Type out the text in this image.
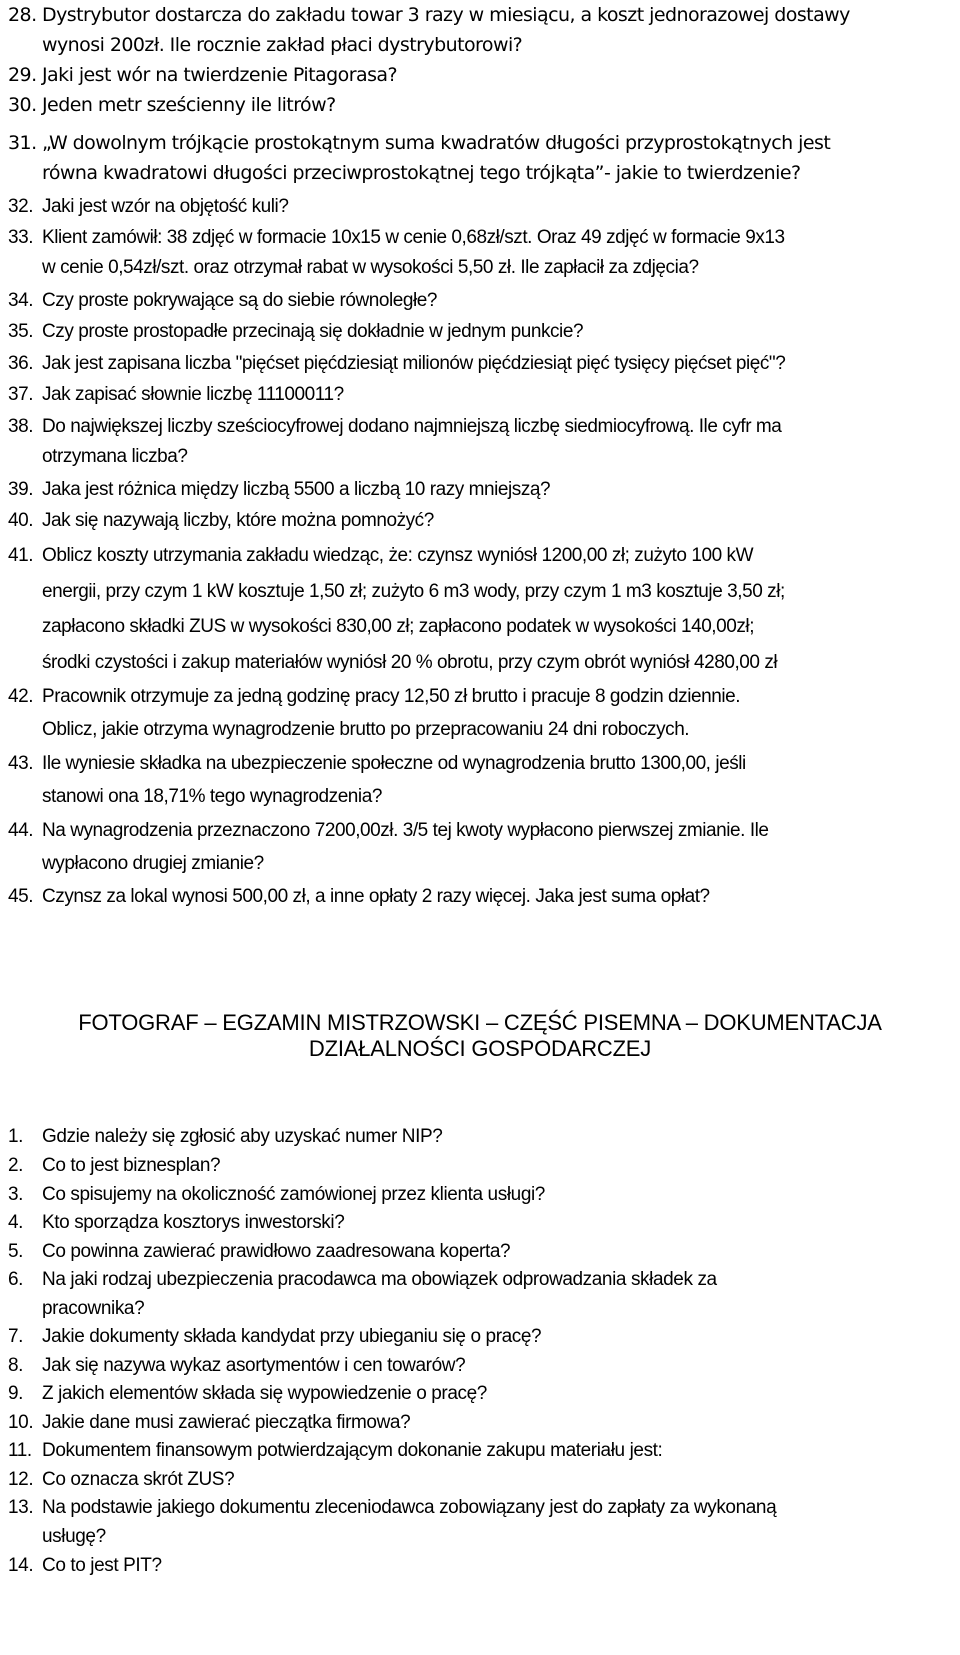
28. Dystrybutor dostarcza do zakładu towar 3 razy w miesiącu, a koszt jednorazowej dostawy
wynosi 200zł. Ile rocznie zakład płaci dystrybutorowi?
29. Jaki jest wór na twierdzenie Pitagorasa?
30. Jeden metr sześcienny ile litrów?
31. „W dowolnym trójkącie prostokątnym suma kwadratów długości przyprostokątnych jest
równa kwadratowi długości przeciwprostokątnej tego trójkąta”- jakie to twierdzenie?
32. Jaki jest wzór na objętość kuli?
33. Klient zamówił: 38 zdjęć w formacie 10x15 w cenie 0,68zł/szt. Oraz 49 zdjęć w formacie 9x13
w cenie 0,54zł/szt. oraz otrzymał rabat w wysokości 5,50 zł. Ile zapłacił za zdjęcia?
34. Czy proste pokrywające są do siebie równoległe?
35. Czy proste prostopadłe przecinają się dokładnie w jednym punkcie?
36. Jak jest zapisana liczba "pięćset pięćdziesiąt milionów pięćdziesiąt pięć tysięcy pięćset pięć"?
37. Jak zapisać słownie liczbę 11100011?
38. Do największej liczby sześciocyfrowej dodano najmniejszą liczbę siedmiocyfrową. Ile cyfr ma
otrzymana liczba?
39. Jaka jest różnica między liczbą 5500 a liczbą 10 razy mniejszą?
40. Jak się nazywają liczby, które można pomnożyć?
41. Oblicz koszty utrzymania zakładu wiedząc, że: czynsz wyniósł 1200,00 zł; zużyto 100 kW
energii, przy czym 1 kW kosztuje 1,50 zł; zużyto 6 m3 wody, przy czym 1 m3 kosztuje 3,50 zł;
zapłacono składki ZUS w wysokości 830,00 zł; zapłacono podatek w wysokości 140,00zł;
środki czystości i zakup materiałów wyniósł 20 % obrotu, przy czym obrót wyniósł 4280,00 zł
42. Pracownik otrzymuje za jedną godzinę pracy 12,50 zł brutto i pracuje 8 godzin dziennie.
Oblicz, jakie otrzyma wynagrodzenie brutto po przepracowaniu 24 dni roboczych.
43. Ile wyniesie składka na ubezpieczenie społeczne od wynagrodzenia brutto 1300,00, jeśli
stanowi ona 18,71% tego wynagrodzenia?
44. Na wynagrodzenia przeznaczono 7200,00zł. 3/5 tej kwoty wypłacono pierwszej zmianie. Ile
wypłacono drugiej zmianie?
45. Czynsz za lokal wynosi 500,00 zł, a inne opłaty 2 razy więcej. Jaka jest suma opłat?
FOTOGRAF – EGZAMIN MISTRZOWSKI – CZĘŚĆ PISEMNA – DOKUMENTACJA
DZIAŁALNOŚCI GOSPODARCZEJ
1. Gdzie należy się zgłosić aby uzyskać numer NIP?
2. Co to jest biznesplan?
3. Co spisujemy na okoliczność zamówionej przez klienta usługi?
4. Kto sporządza kosztorys inwestorski?
5. Co powinna zawierać prawidłowo zaadresowana koperta?
6. Na jaki rodzaj ubezpieczenia pracodawca ma obowiązek odprowadzania składek za
pracownika?
7. Jakie dokumenty składa kandydat przy ubieganiu się o pracę?
8. Jak się nazywa wykaz asortymentów i cen towarów?
9. Z jakich elementów składa się wypowiedzenie o pracę?
10. Jakie dane musi zawierać pieczątka firmowa?
11. Dokumentem finansowym potwierdzającym dokonanie zakupu materiału jest:
12. Co oznacza skrót ZUS?
13. Na podstawie jakiego dokumentu zleceniodawca zobowiązany jest do zapłaty za wykonaną
usługę?
14. Co to jest PIT?
